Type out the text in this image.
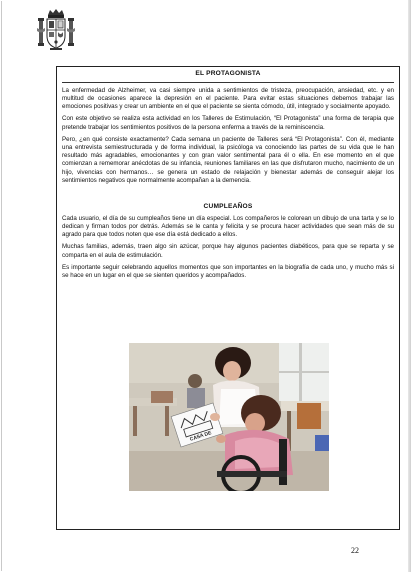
EL PROTAGONISTA

La enfermedad de Alzheimer, va casi siempre unida a sentimientos de tristeza, preocupación, ansiedad, etc. y en multitud de ocasiones aparece la depresión en el paciente. Para evitar estas situaciones debemos trabajar las emociones positivas y crear un ambiente en el que el paciente se sienta cómodo, útil, integrado y socialmente apoyado.

Con este objetivo se realiza esta actividad en los Talleres de Estimulación, “El Protagonista” una forma de terapia que pretende trabajar los sentimientos positivos de la persona enferma a través de la reminiscencia.

Pero, ¿en qué consiste exactamente? Cada semana un paciente de Talleres será “El Protagonista”. Con él, mediante una entrevista semiestructurada y de forma individual, la psicóloga va conociendo las partes de su vida que le han resultado más agradables, emocionantes y con gran valor sentimental para él o ella. En ese momento en el que comienzan a rememorar anécdotas de su infancia, reuniones familiares en las que disfrutaron mucho, nacimiento de un hijo, vivencias con hermanos… se genera un estado de relajación y bienestar además de conseguir alejar los sentimientos negativos que normalmente acompañan a la demencia.

CUMPLEAÑOS

Cada usuario, el día de su cumpleaños tiene un día especial. Los compañeros le colorean un dibujo de una tarta y se lo dedican y firman todos por detrás. Además se le canta y felicita y se procura hacer actividades que sean más de su agrado para que todos noten que ese día está dedicado a ellos.

Muchas familias, además, traen algo sin azúcar, porque hay algunos pacientes diabéticos, para que se reparta y se comparta en el aula de estimulación.

Es importante seguir celebrando aquellos momentos que son importantes en la biografía de cada uno, y mucho más si se hace en un lugar en el que se sienten queridos y acompañados.

CASA DE
22
